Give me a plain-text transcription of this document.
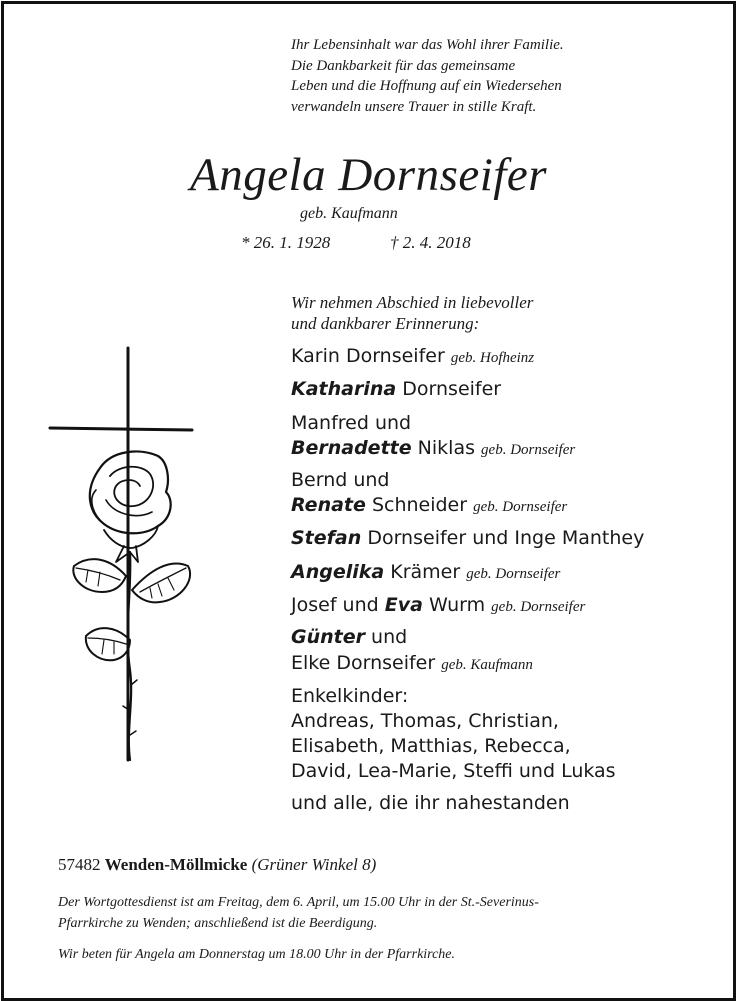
Ihr Lebensinhalt war das Wohl ihrer Familie.
Die Dankbarkeit für das gemeinsame
Leben und die Hoffnung auf ein Wiedersehen
verwandeln unsere Trauer in stille Kraft.
Angela Dornseifer
geb. Kaufmann
* 26. 1. 1928	† 2. 4. 2018
Wir nehmen Abschied in liebevoller
und dankbarer Erinnerung:
Karin Dornseifer geb. Hofheinz
Katharina Dornseifer
Manfred und
Bernadette Niklas geb. Dornseifer
Bernd und
Renate Schneider geb. Dornseifer
Stefan Dornseifer und Inge Manthey
Angelika Krämer geb. Dornseifer
Josef und Eva Wurm geb. Dornseifer
Günter und
Elke Dornseifer geb. Kaufmann
Enkelkinder:
Andreas, Thomas, Christian,
Elisabeth, Matthias, Rebecca,
David, Lea-Marie, Steffi und Lukas
und alle, die ihr nahestanden
57482 Wenden-Möllmicke (Grüner Winkel 8)
Der Wortgottesdienst ist am Freitag, dem 6. April, um 15.00 Uhr in der St.-Severinus-
Pfarrkirche zu Wenden; anschließend ist die Beerdigung.
Wir beten für Angela am Donnerstag um 18.00 Uhr in der Pfarrkirche.
